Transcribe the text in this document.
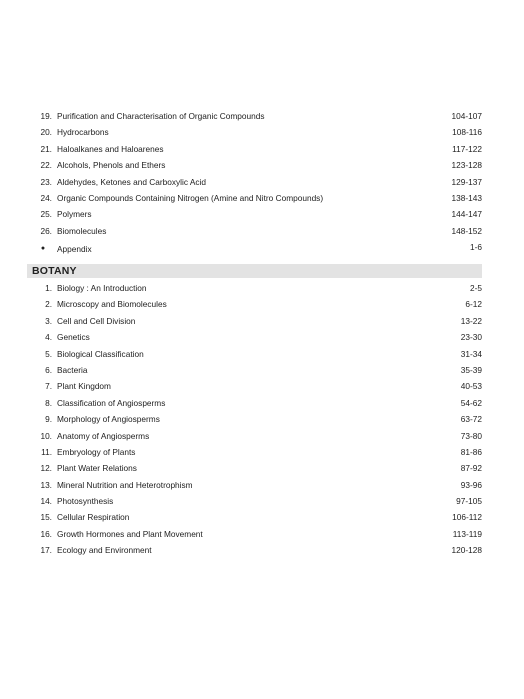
19. Purification and Characterisation of Organic Compounds	104-107
20. Hydrocarbons	108-116
21. Haloalkanes and Haloarenes	117-122
22. Alcohols, Phenols and Ethers	123-128
23. Aldehydes, Ketones and Carboxylic Acid	129-137
24. Organic Compounds Containing Nitrogen (Amine and Nitro Compounds)	138-143
25. Polymers	144-147
26. Biomolecules	148-152
●	Appendix	1-6
BOTANY
1. Biology : An Introduction	2-5
2. Microscopy and Biomolecules	6-12
3. Cell and Cell Division	13-22
4. Genetics	23-30
5. Biological Classification	31-34
6. Bacteria	35-39
7. Plant Kingdom	40-53
8. Classification of Angiosperms	54-62
9. Morphology of Angiosperms	63-72
10. Anatomy of Angiosperms	73-80
11. Embryology of Plants	81-86
12. Plant Water Relations	87-92
13. Mineral Nutrition and Heterotrophism	93-96
14. Photosynthesis	97-105
15. Cellular Respiration	106-112
16. Growth Hormones and Plant Movement	113-119
17. Ecology and Environment	120-128
